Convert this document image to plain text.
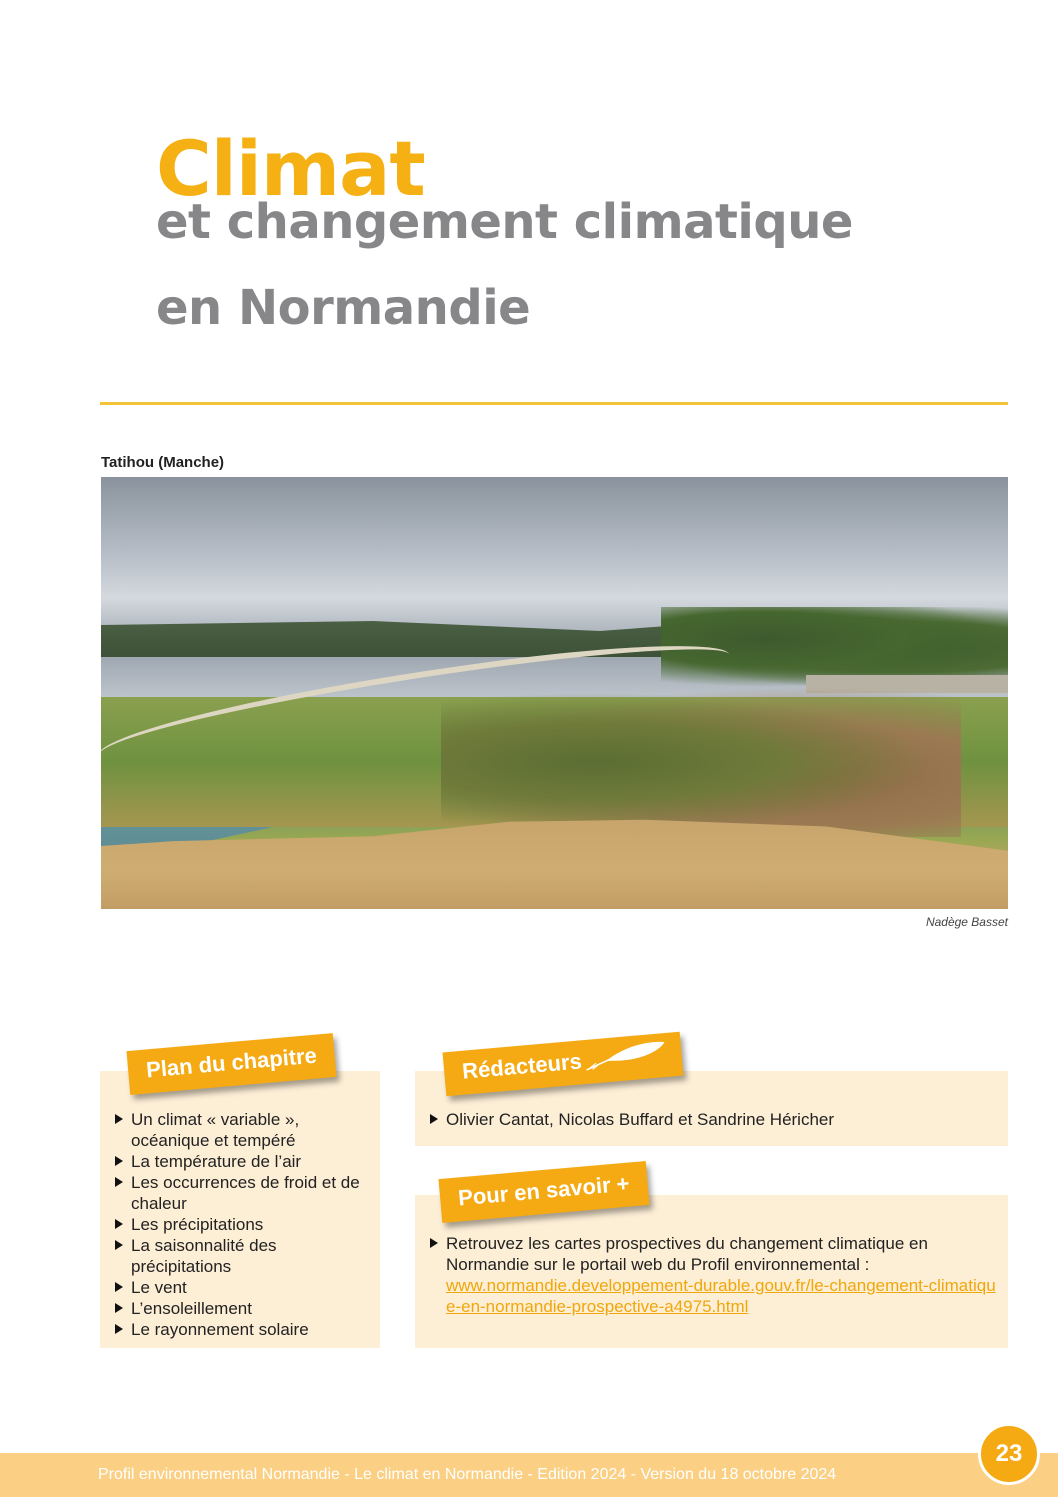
Climat
et changement climatique
en Normandie
Tatihou (Manche)
Nadège Basset
Plan du chapitre
Un climat « variable », océanique et tempéré
La température de l’air
Les occurrences de froid et de chaleur
Les précipitations
La saisonnalité des précipitations
Le vent
L’ensoleillement
Le rayonnement solaire
Rédacteurs
Olivier Cantat, Nicolas Buffard et Sandrine Héricher
Pour en savoir +
Retrouvez les cartes prospectives du changement climatique en Normandie sur le portail web du Profil environnemental :
www.normandie.developpement-durable.gouv.fr/le-changement-climatique-en-normandie-prospective-a4975.html
Profil environnemental Normandie - Le climat en Normandie - Edition 2024 - Version du 18 octobre 2024
23
